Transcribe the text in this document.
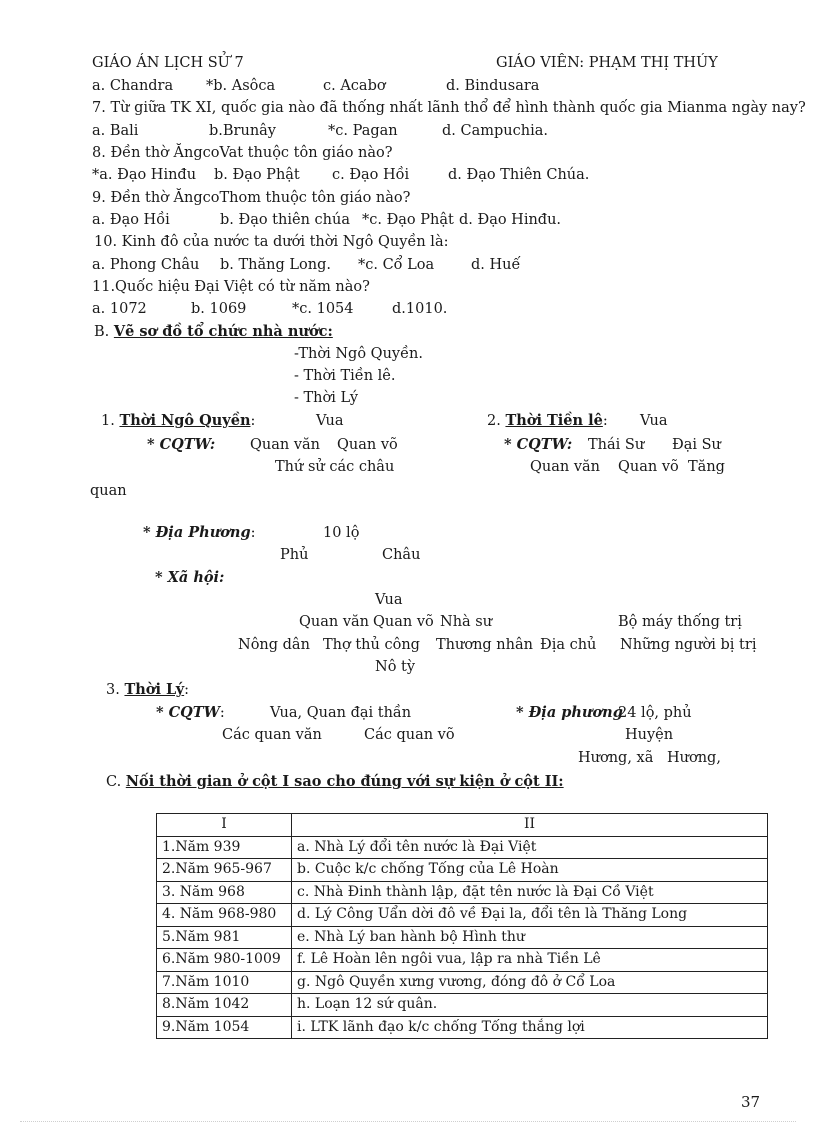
GIÁO ÁN LỊCH SỬ 7	GIÁO VIÊN: PHẠM THỊ THÚY
a. Chandra *b. Asôca	c. Acabơ	d. Bindusara
7. Từ giữa TK XI, quốc gia nào đã thống nhất lãnh thổ để hình thành quốc gia Mianma ngày nay?
a. Bali	b.Brunây	*c. Pagan	d. Campuchia.
8. Đền thờ ĂngcoVat thuộc tôn giáo nào?
*a. Đạo Hinđu b. Đạo Phật c. Đạo Hồi	d. Đạo Thiên Chúa.
9. Đền thờ ĂngcoThom thuộc tôn giáo nào?
a. Đạo Hồi	b. Đạo thiên chúa *c. Đạo Phật d. Đạo Hinđu.
10. Kinh đô của nước ta dưới thời Ngô Quyền là:
a. Phong Châu b. Thăng Long. *c. Cổ Loa	d. Huế
11.Quốc hiệu Đại Việt có từ năm nào?
a. 1072	b. 1069	*c. 1054	d.1010.
B. Vẽ sơ đồ tổ chức nhà nước:
-Thời Ngô Quyền.
- Thời Tiền lê.
- Thời Lý
1. Thời Ngô Quyền:	Vua	2. Thời Tiền lê: Vua
* CQTW: Quan văn Quan võ	* CQTW: Thái Sư Đại Sư
Thứ sử các châu	Quan văn Quan võ Tăng
quan
* Địa Phương:	10 lộ
Phủ	Châu
* Xã hội:
Vua
Quan văn Quan võ Nhà sư	Bộ máy thống trị
Nông dân Thợ thủ công Thương nhân Địa chủ Những người bị trị
Nô tỳ
3. Thời Lý:
* CQTW:	Vua, Quan đại thần	* Địa phương
24 lộ, phủ
Các quan văn	Các quan võ	Huyện
Hương, xã Hương,
C. Nối thời gian ở cột I sao cho đúng với sự kiện ở cột II:
I	II
1.Năm 939	a. Nhà Lý đổi tên nước là Đại Việt
2.Năm 965-967	b. Cuộc k/c chống Tống của Lê Hoàn
3. Năm 968	c. Nhà Đinh thành lập, đặt tên nước là Đại Cồ Việt
4. Năm 968-980	d. Lý Công Uẩn dời đô về Đại la, đổi tên là Thăng Long
5.Năm 981	e. Nhà Lý ban hành bộ Hình thư
6.Năm 980-1009	f. Lê Hoàn lên ngôi vua, lập ra nhà Tiền Lê
7.Năm 1010	g. Ngô Quyền xưng vương, đóng đô ở Cổ Loa
8.Năm 1042	h. Loạn 12 sứ quân.
9.Năm 1054	i. LTK lãnh đạo k/c chống Tống thắng lợi
37
